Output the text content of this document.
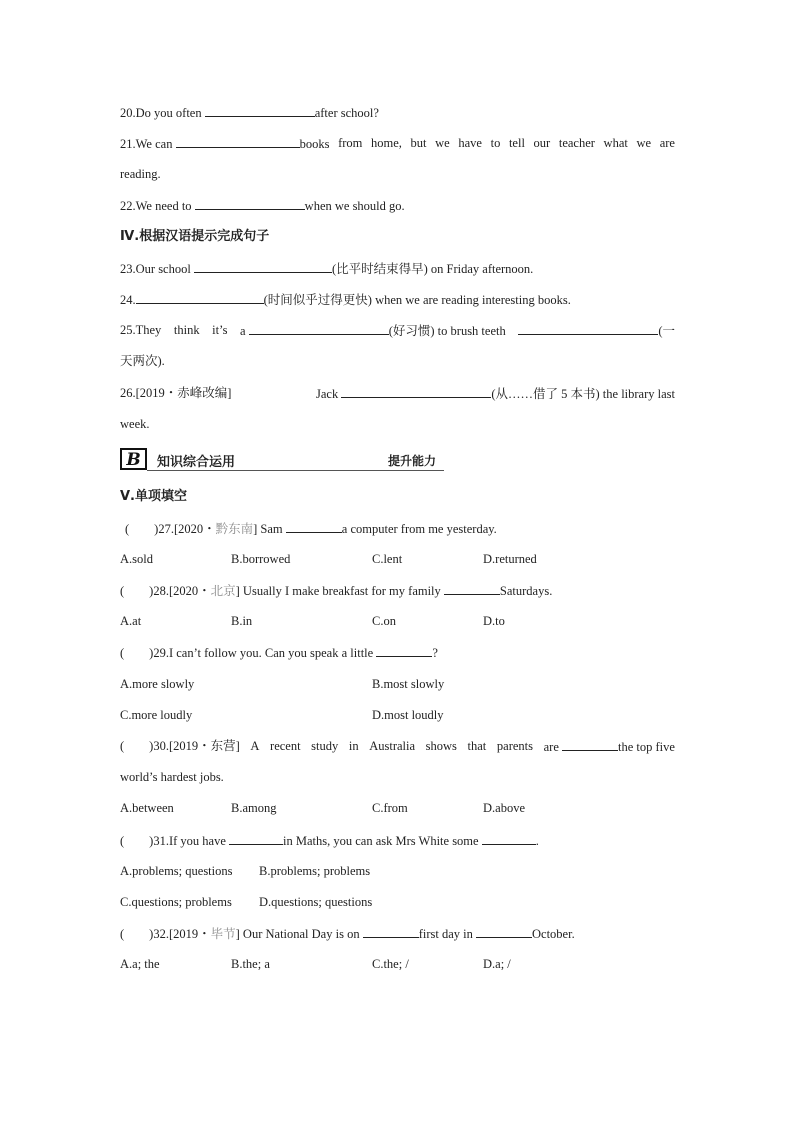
20.Do you often	after school?
21.We can	books from home, but we have to tell our teacher what we are
reading.
22.We need to	when we should go.
Ⅳ.根据汉语提示完成句子
23.Our school	(比平时结束得早) on Friday afternoon.
24.	(时间似乎过得更快) when we are reading interesting books.
25.They think it’s a	(好习惯) to brush teeth	(一
天两次).
26.[2019・赤峰改编]	Jack	(从……借了 5 本书) the library last
week.
B 知识综合运用	提升能力
Ⅴ.单项填空
(　　)27.[2020・黔东南] Sam	a computer from me yesterday.
A.sold	B.borrowed	C.lent	D.returned
(　　)28.[2020・北京] Usually I make breakfast for my family	Saturdays.
A.at	B.in	C.on	D.to
(　　)29.I can’t follow you. Can you speak a little	?
A.more slowly	B.most slowly
C.more loudly	D.most loudly
(　　)30.[2019・东营] A recent study in Australia shows that parents are	the top five
world’s hardest jobs.
A.between	B.among	C.from	D.above
(　　)31.If you have	in Maths, you can ask Mrs White some	.
A.problems; questions B.problems; problems
C.questions; problems D.questions; questions
(　　)32.[2019・毕节] Our National Day is on	first day in	October.
A.a; the	B.the; a	C.the; /	D.a; /
